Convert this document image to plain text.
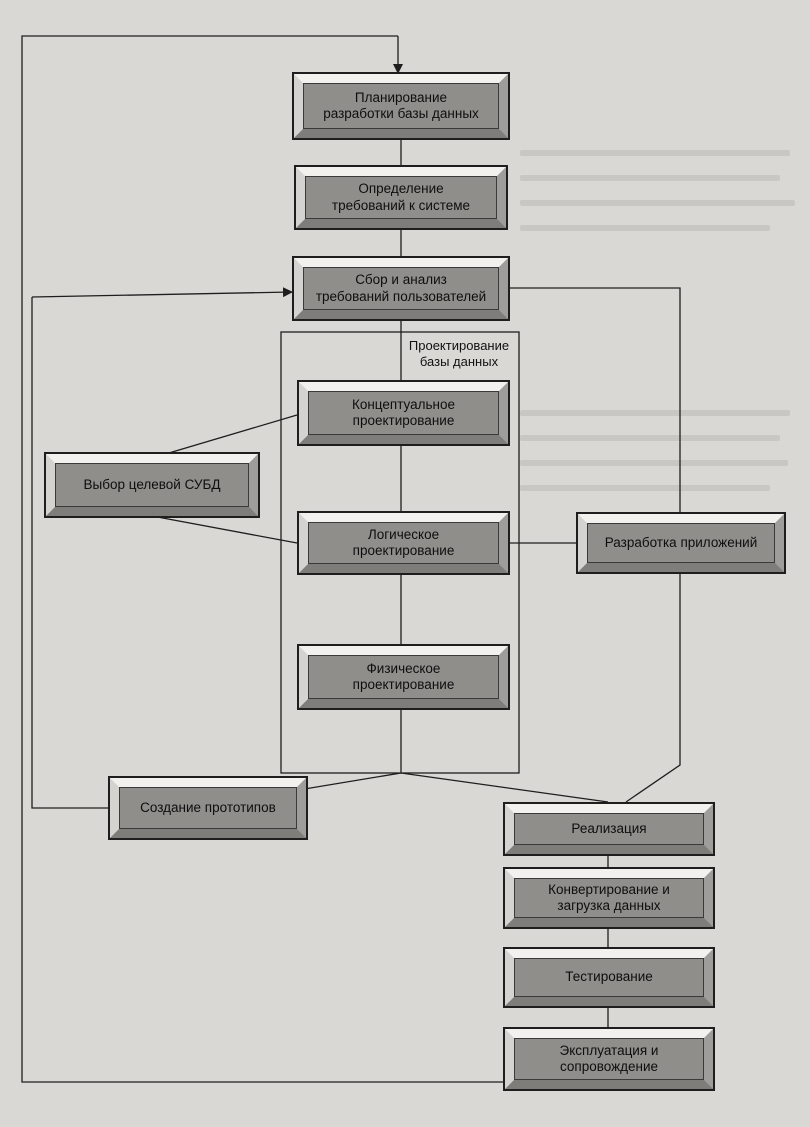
Проектирование
базы данных
Планирование
разработки базы данных
Определение
требований к системе
Сбор и анализ
требований пользователей
Концептуальное
проектирование
Выбор целевой СУБД
Логическое
проектирование
Разработка приложений
Физическое
проектирование
Создание прототипов
Реализация
Конвертирование и
загрузка данных
Тестирование
Эксплуатация и
сопровождение
